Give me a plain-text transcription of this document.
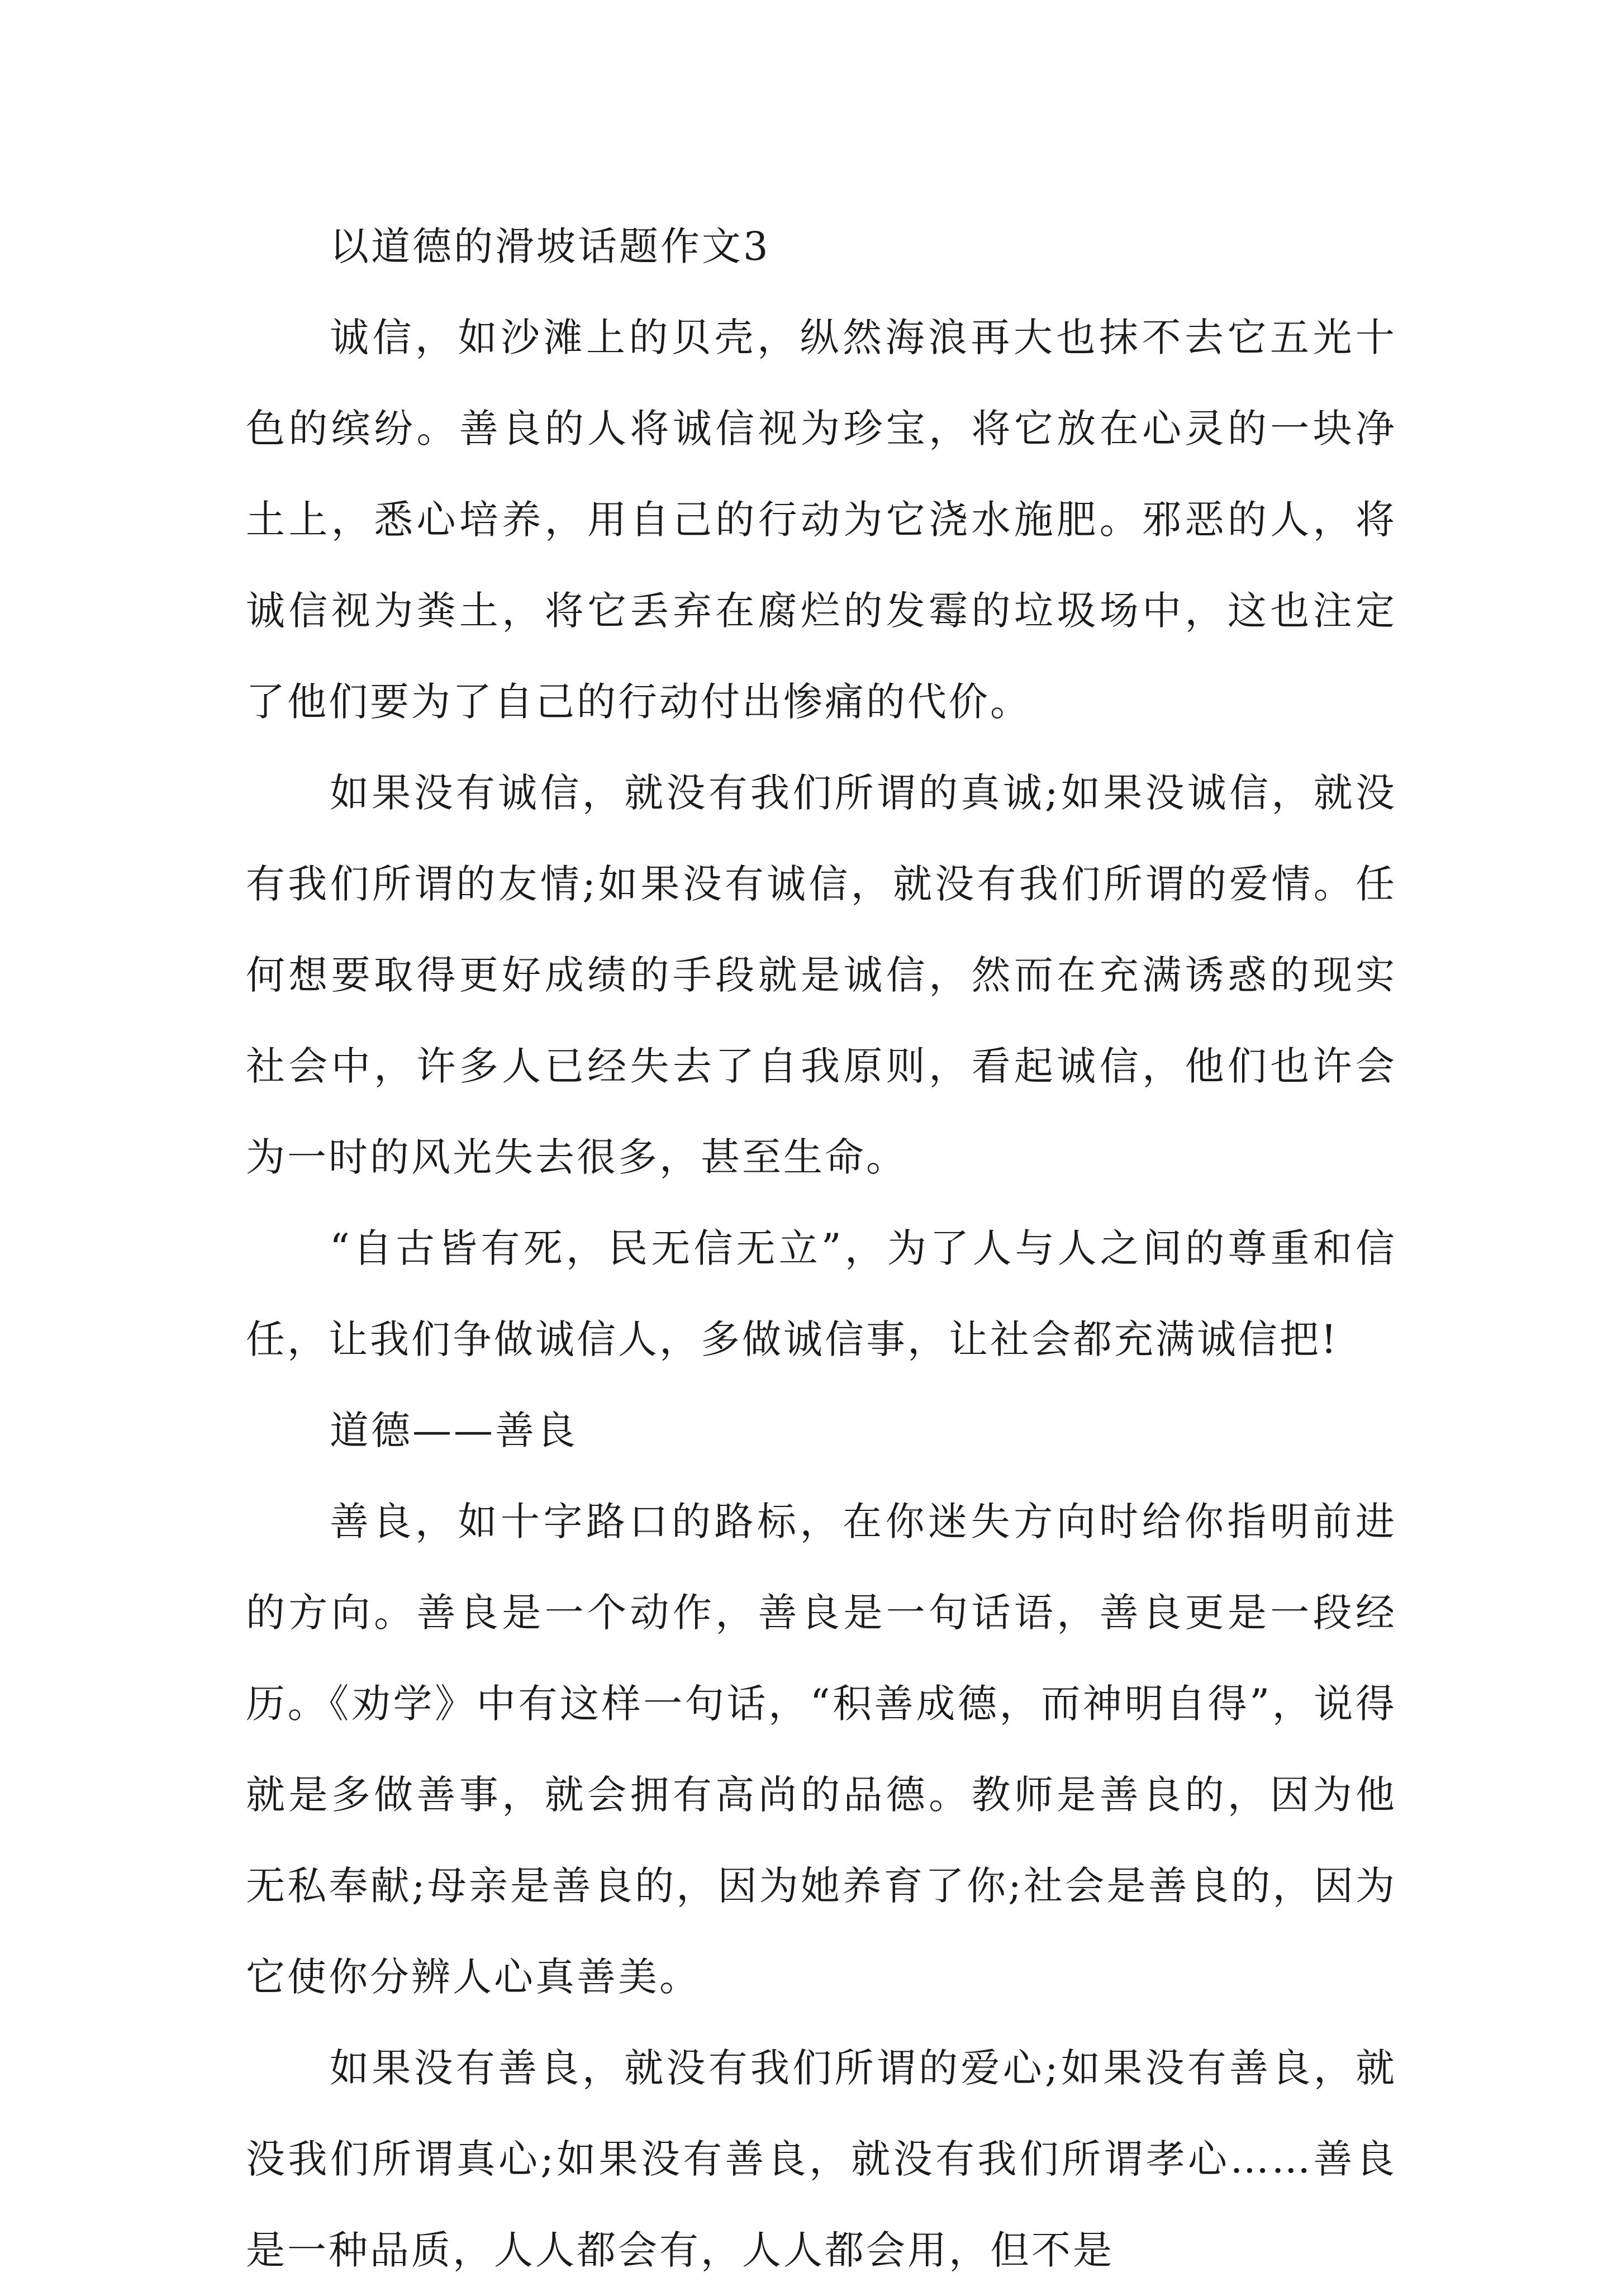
以道德的滑坡话题作文3

诚信，如沙滩上的贝壳，纵然海浪再大也抹不去它五光十色的缤纷。善良的人将诚信视为珍宝，将它放在心灵的一块净土上，悉心培养，用自己的行动为它浇水施肥。邪恶的人，将诚信视为粪土，将它丢弃在腐烂的发霉的垃圾场中，这也注定了他们要为了自己的行动付出惨痛的代价。

如果没有诚信，就没有我们所谓的真诚;如果没诚信，就没有我们所谓的友情;如果没有诚信，就没有我们所谓的爱情。任何想要取得更好成绩的手段就是诚信，然而在充满诱惑的现实社会中，许多人已经失去了自我原则，看起诚信，他们也许会为一时的风光失去很多，甚至生命。

“自古皆有死，民无信无立”，为了人与人之间的尊重和信任，让我们争做诚信人，多做诚信事，让社会都充满诚信把!

道德——善良

善良，如十字路口的路标，在你迷失方向时给你指明前进的方向。善良是一个动作，善良是一句话语，善良更是一段经历。《劝学》中有这样一句话，“积善成德，而神明自得”，说得就是多做善事，就会拥有高尚的品德。教师是善良的，因为他无私奉献;母亲是善良的，因为她养育了你;社会是善良的，因为它使你分辨人心真善美。

如果没有善良，就没有我们所谓的爱心;如果没有善良，就没我们所谓真心;如果没有善良，就没有我们所谓孝心……善良是一种品质，人人都会有，人人都会用，但不是
